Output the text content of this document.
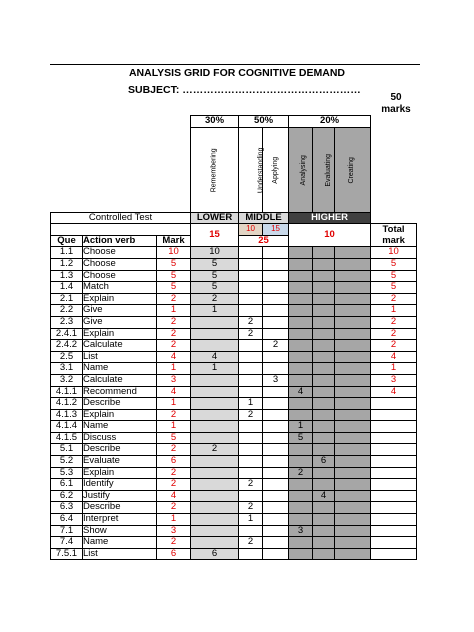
ANALYSIS GRID FOR COGNITIVE DEMAND
SUBJECT: ……………………………………………
50
marks
			30%	50%		20%			
			Remembering	Understanding	Applying	Analysing	Evaluating	Creating	
Controlled Test			LOWER	MIDDLE		HIGHER			
			15	10	15	10			Total mark
Que	Action verb	Mark		25					
1.1	Choose	10	10						10
1.2	Choose	5	5						5
1.3	Choose	5	5						5
1.4	Match	5	5						5
2.1	Explain	2	2						2
2.2	Give	1	1						1
2.3	Give	2		2					2
2.4.1	Explain	2		2					2
2.4.2	Calculate	2			2				2
2.5	List	4	4						4
3.1	Name	1	1						1
3.2	Calculate	3			3				3
4.1.1	Recommend	4				4			4
4.1.2	Describe	1		1					
4.1.3	Explain	2		2					
4.1.4	Name	1				1			
4.1.5	Discuss	5				5			
5.1	Describe	2	2						
5.2	Evaluate	6					6		
5.3	Explain	2				2			
6.1	Identify	2		2					
6.2	Justify	4					4		
6.3	Describe	2		2					
6.4	Interpret	1		1					
7.1	Show	3				3			
7.4	Name	2		2					
7.5.1	List	6	6						
